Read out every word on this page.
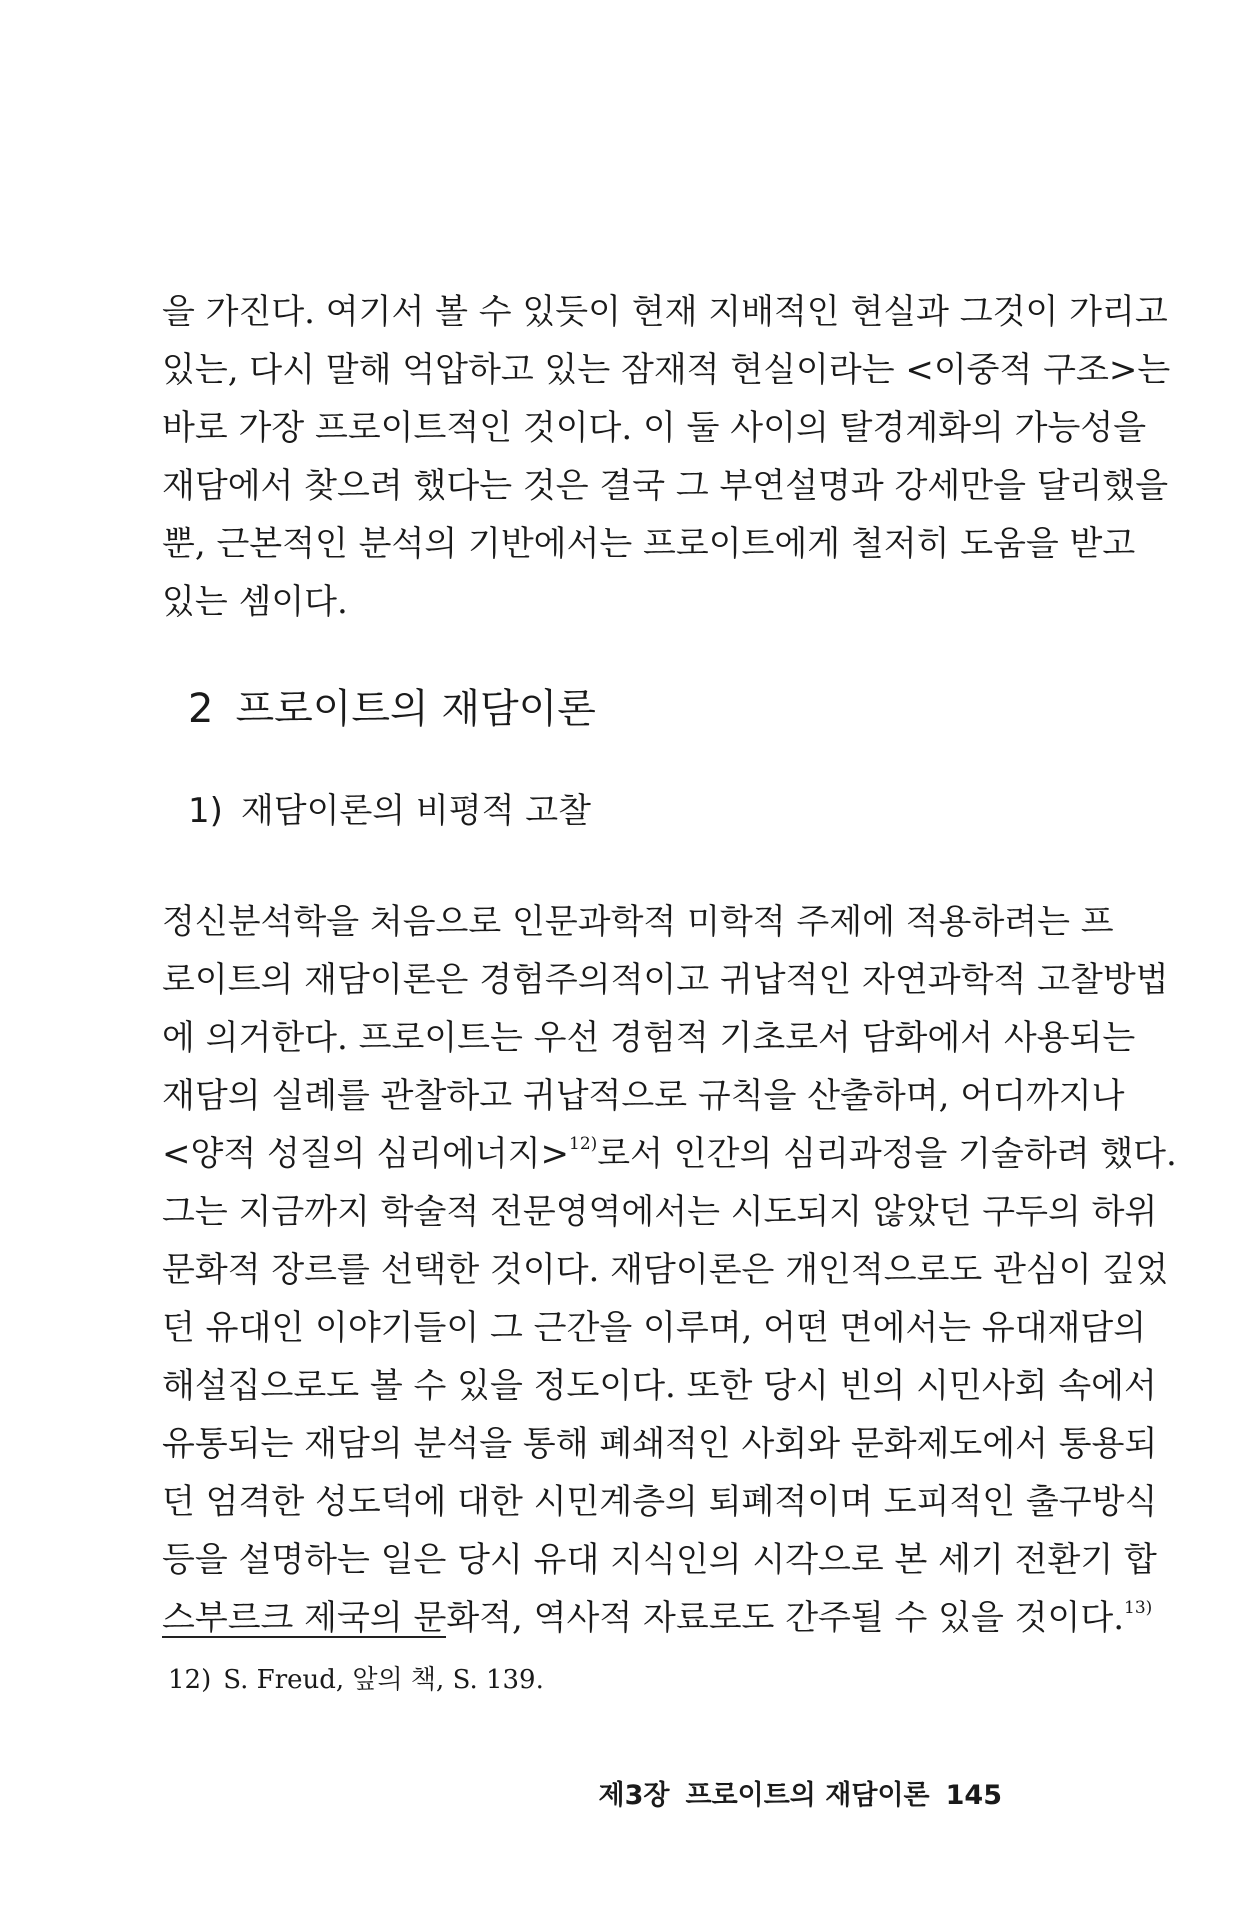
을 가진다. 여기서 볼 수 있듯이 현재 지배적인 현실과 그것이 가리고
있는, 다시 말해 억압하고 있는 잠재적 현실이라는 <이중적 구조>는
바로 가장 프로이트적인 것이다. 이 둘 사이의 탈경계화의 가능성을
재담에서 찾으려 했다는 것은 결국 그 부연설명과 강세만을 달리했을
뿐, 근본적인 분석의 기반에서는 프로이트에게 철저히 도움을 받고
있는 셈이다.
2 프로이트의 재담이론
1) 재담이론의 비평적 고찰
정신분석학을 처음으로 인문과학적 미학적 주제에 적용하려는 프
로이트의 재담이론은 경험주의적이고 귀납적인 자연과학적 고찰방법
에 의거한다. 프로이트는 우선 경험적 기초로서 담화에서 사용되는
재담의 실례를 관찰하고 귀납적으로 규칙을 산출하며, 어디까지나
<양적 성질의 심리에너지>$^{12)}$로서 인간의 심리과정을 기술하려 했다.
그는 지금까지 학술적 전문영역에서는 시도되지 않았던 구두의 하위
문화적 장르를 선택한 것이다. 재담이론은 개인적으로도 관심이 깊었
던 유대인 이야기들이 그 근간을 이루며, 어떤 면에서는 유대재담의
해설집으로도 볼 수 있을 정도이다. 또한 당시 빈의 시민사회 속에서
유통되는 재담의 분석을 통해 폐쇄적인 사회와 문화제도에서 통용되
던 엄격한 성도덕에 대한 시민계층의 퇴폐적이며 도피적인 출구방식
등을 설명하는 일은 당시 유대 지식인의 시각으로 본 세기 전환기 합
스부르크 제국의 문화적, 역사적 자료로도 간주될 수 있을 것이다.$^{13)}$
12) S. Freud, 앞의 책, S. 139.
제3장 프로이트의 재담이론 145
